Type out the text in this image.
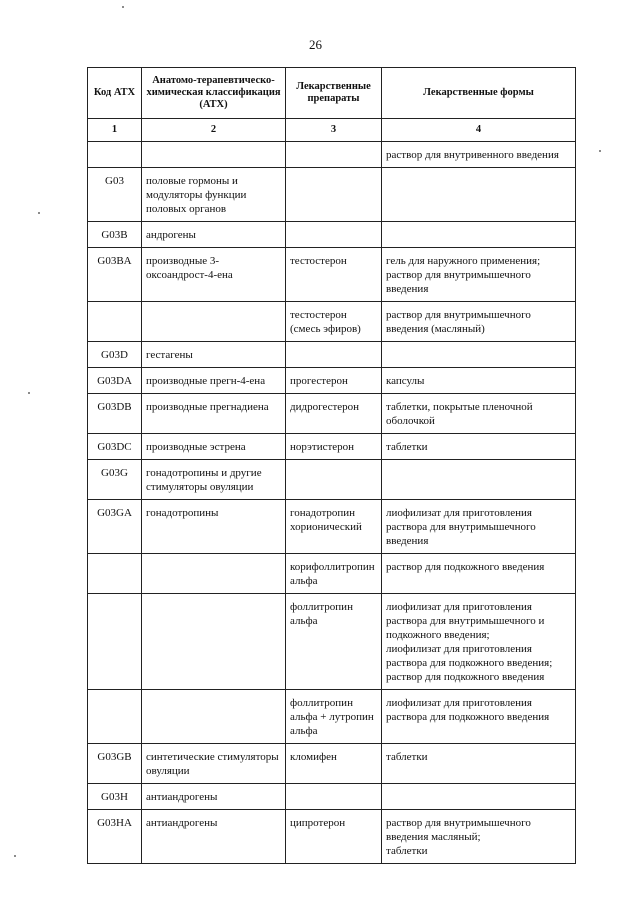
26
Код АТХ	Анатомо-терапевтическо-химическая классификация (АТХ)	Лекарственные препараты	Лекарственные формы
1	2	3	4
			раствор для внутривенного введения
G03	половые гормоны и модуляторы функции половых органов		
G03B	андрогены		
G03BA	производные 3-оксоандрост-4-ена	тестостерон	гель для наружного применения;
раствор для внутримышечного введения
		тестостерон (смесь эфиров)	раствор для внутримышечного введения (масляный)
G03D	гестагены		
G03DA	производные прегн-4-ена	прогестерон	капсулы
G03DB	производные прегнадиена	дидрогестерон	таблетки, покрытые пленочной оболочкой
G03DC	производные эстрена	норэтистерон	таблетки
G03G	гонадотропины и другие стимуляторы овуляции		
G03GA	гонадотропины	гонадотропин хорионический	лиофилизат для приготовления раствора для внутримышечного введения
		корифоллитропин альфа	раствор для подкожного введения
		фоллитропин альфа	лиофилизат для приготовления раствора для внутримышечного и подкожного введения;
лиофилизат для приготовления раствора для подкожного введения;
раствор для подкожного введения
		фоллитропин альфа + лутропин альфа	лиофилизат для приготовления раствора для подкожного введения
G03GB	синтетические стимуляторы овуляции	кломифен	таблетки
G03H	антиандрогены		
G03HA	антиандрогены	ципротерон	раствор для внутримышечного введения масляный;
таблетки
